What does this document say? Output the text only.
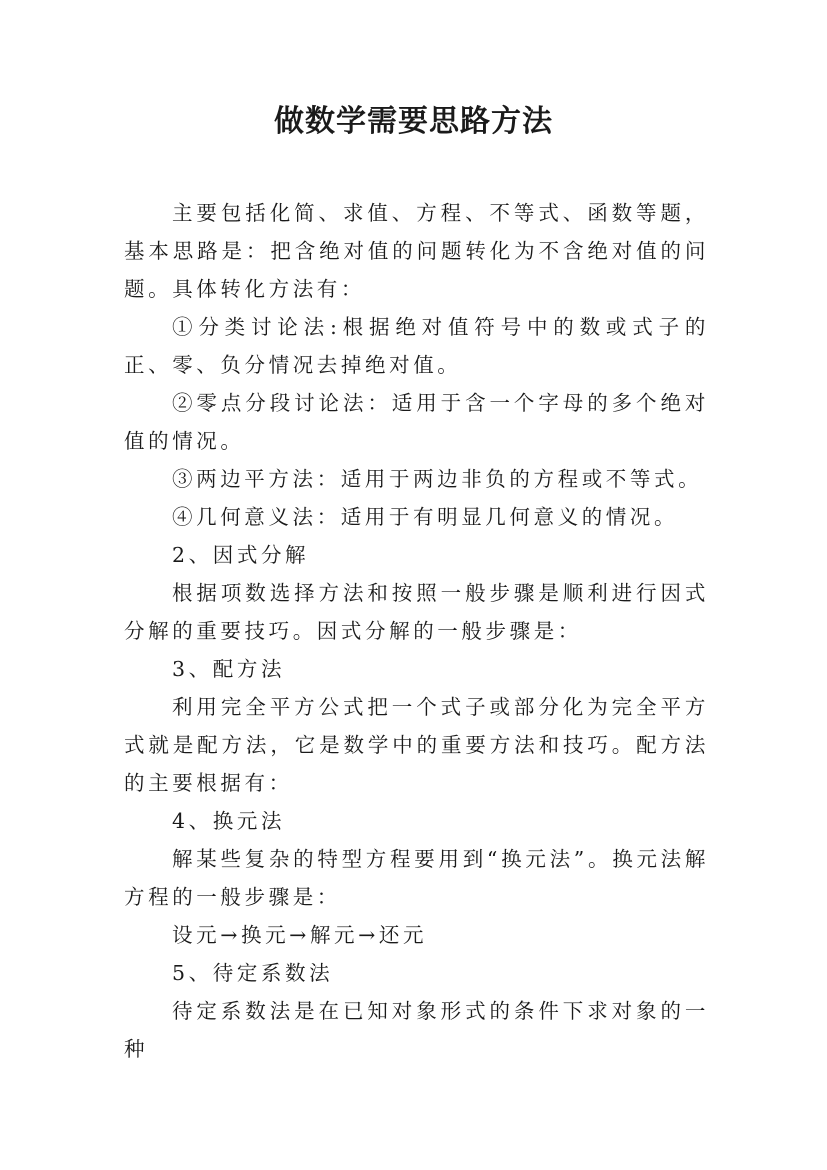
做数学需要思路方法

主要包括化简、求值、方程、不等式、函数等题，基本思路是：把含绝对值的问题转化为不含绝对值的问题。具体转化方法有：

①分类讨论法:根据绝对值符号中的数或式子的正、零、负分情况去掉绝对值。

②零点分段讨论法：适用于含一个字母的多个绝对值的情况。

③两边平方法：适用于两边非负的方程或不等式。

④几何意义法：适用于有明显几何意义的情况。

2、因式分解

根据项数选择方法和按照一般步骤是顺利进行因式分解的重要技巧。因式分解的一般步骤是：

3、配方法

利用完全平方公式把一个式子或部分化为完全平方式就是配方法，它是数学中的重要方法和技巧。配方法的主要根据有：

4、换元法

解某些复杂的特型方程要用到“换元法”。换元法解方程的一般步骤是：

设元→换元→解元→还元

5、待定系数法

待定系数法是在已知对象形式的条件下求对象的一种
